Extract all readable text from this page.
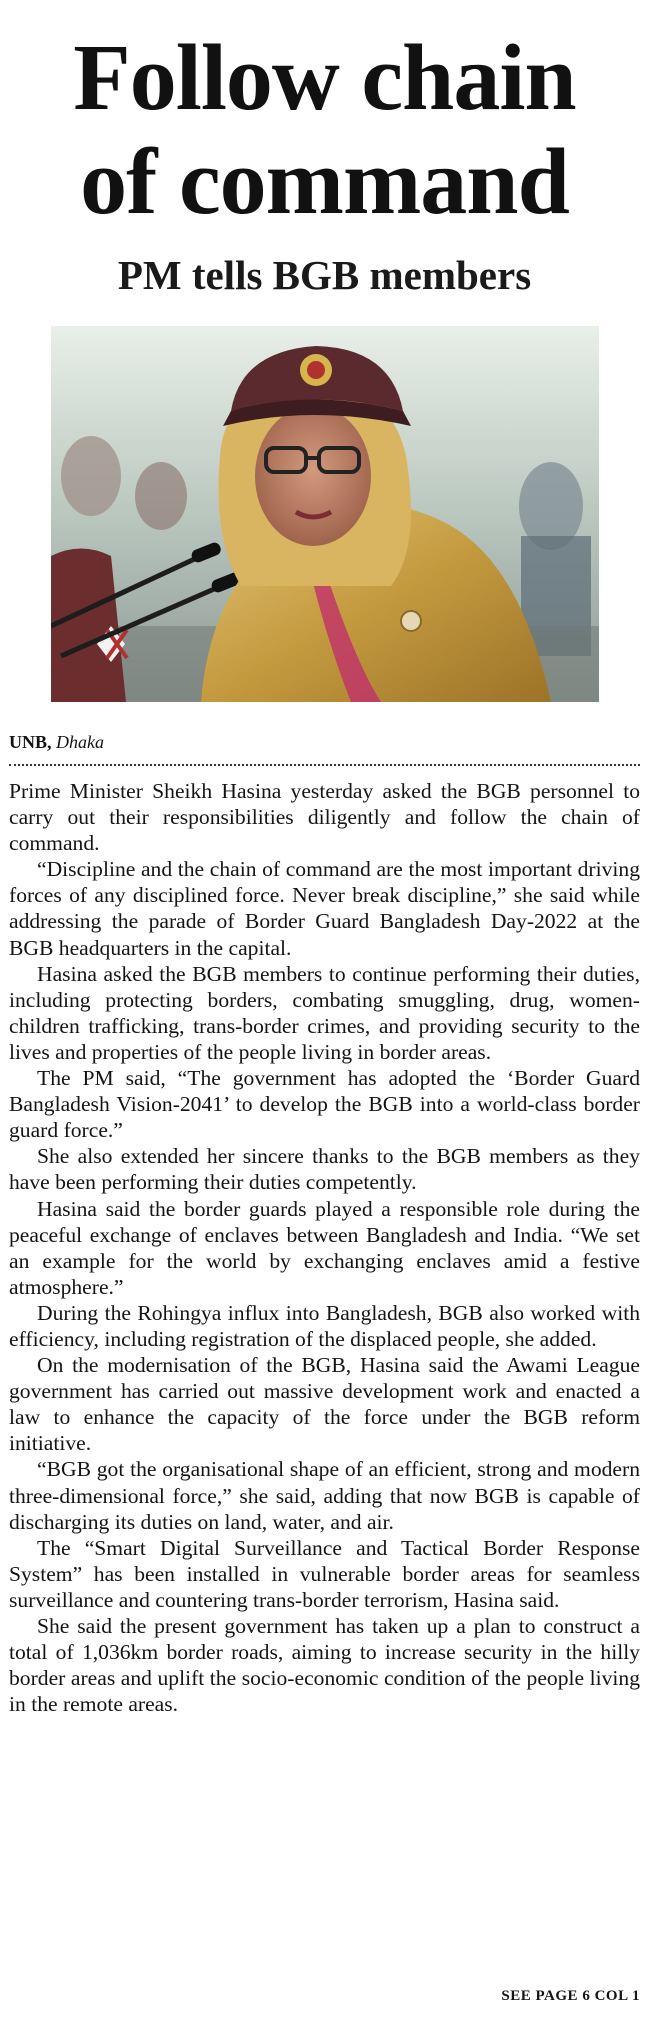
Follow chain
of command
PM tells BGB members
UNB, Dhaka

Prime Minister Sheikh Hasina yesterday asked the BGB personnel to carry out their responsibilities diligently and follow the chain of command.

“Discipline and the chain of command are the most important driving forces of any disciplined force. Never break discipline,” she said while addressing the parade of Border Guard Bangladesh Day-2022 at the BGB headquarters in the capital.

Hasina asked the BGB members to continue performing their duties, including protecting borders, combating smuggling, drug, women-children trafficking, trans-border crimes, and providing security to the lives and properties of the people living in border areas.

The PM said, “The government has adopted the ‘Border Guard Bangladesh Vision-2041’ to develop the BGB into a world-class border guard force.”

She also extended her sincere thanks to the BGB members as they have been performing their duties competently.

Hasina said the border guards played a responsible role during the peaceful exchange of enclaves between Bangladesh and India. “We set an example for the world by exchanging enclaves amid a festive atmosphere.”

During the Rohingya influx into Bangladesh, BGB also worked with efficiency, including registration of the displaced people, she added.

On the modernisation of the BGB, Hasina said the Awami League government has carried out massive development work and enacted a law to enhance the capacity of the force under the BGB reform initiative.

“BGB got the organisational shape of an efficient, strong and modern three-dimensional force,” she said, adding that now BGB is capable of discharging its duties on land, water, and air.

The “Smart Digital Surveillance and Tactical Border Response System” has been installed in vulnerable border areas for seamless surveillance and countering trans-border terrorism, Hasina said.

She said the present government has taken up a plan to construct a total of 1,036km border roads, aiming to increase security in the hilly border areas and uplift the socio-economic condition of the people living in the remote areas.

SEE PAGE 6 COL 1
